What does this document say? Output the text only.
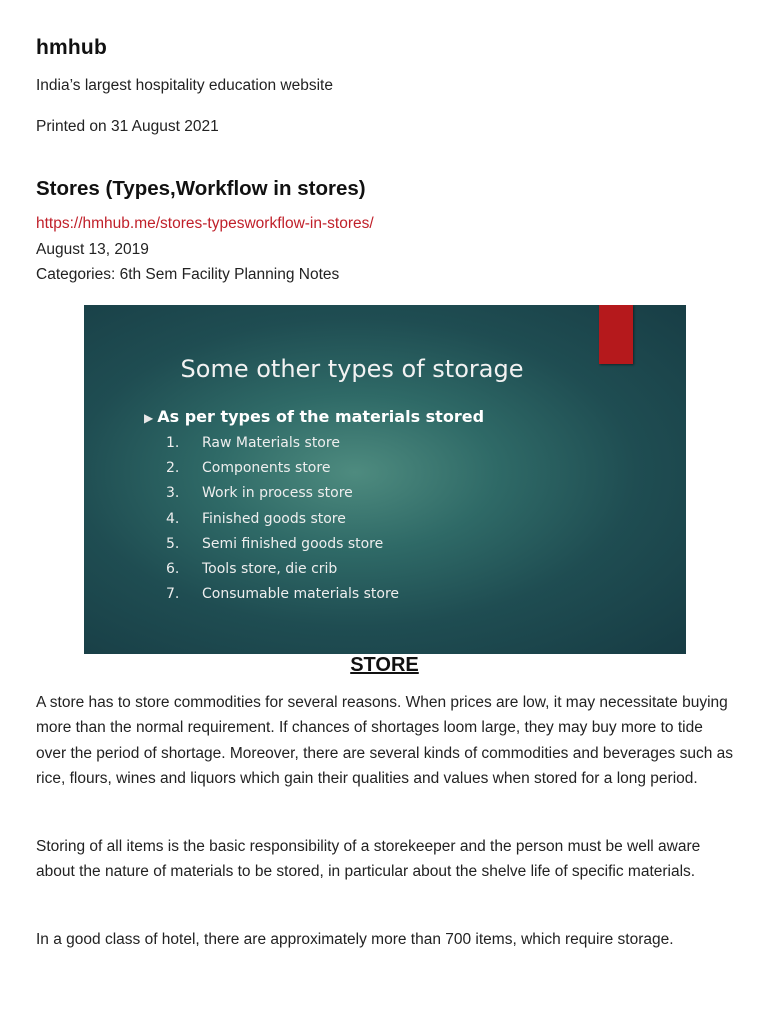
hmhub
India’s largest hospitality education website
Printed on 31 August 2021
Stores (Types,Workflow in stores)
https://hmhub.me/stores-typesworkflow-in-stores/
August 13, 2019
Categories: 6th Sem Facility Planning Notes
Some other types of storage
▶ As per types of the materials stored
1. Raw Materials store
2. Components store
3. Work in process store
4. Finished goods store
5. Semi finished goods store
6. Tools store, die crib
7. Consumable materials store
STORE

A store has to store commodities for several reasons. When prices are low, it may necessitate buying more than the normal requirement. If chances of shortages loom large, they may buy more to tide over the period of shortage. Moreover, there are several kinds of commodities and beverages such as rice, flours, wines and liquors which gain their qualities and values when stored for a long period.

Storing of all items is the basic responsibility of a storekeeper and the person must be well aware about the nature of materials to be stored, in particular about the shelve life of specific materials.

In a good class of hotel, there are approximately more than 700 items, which require storage.
